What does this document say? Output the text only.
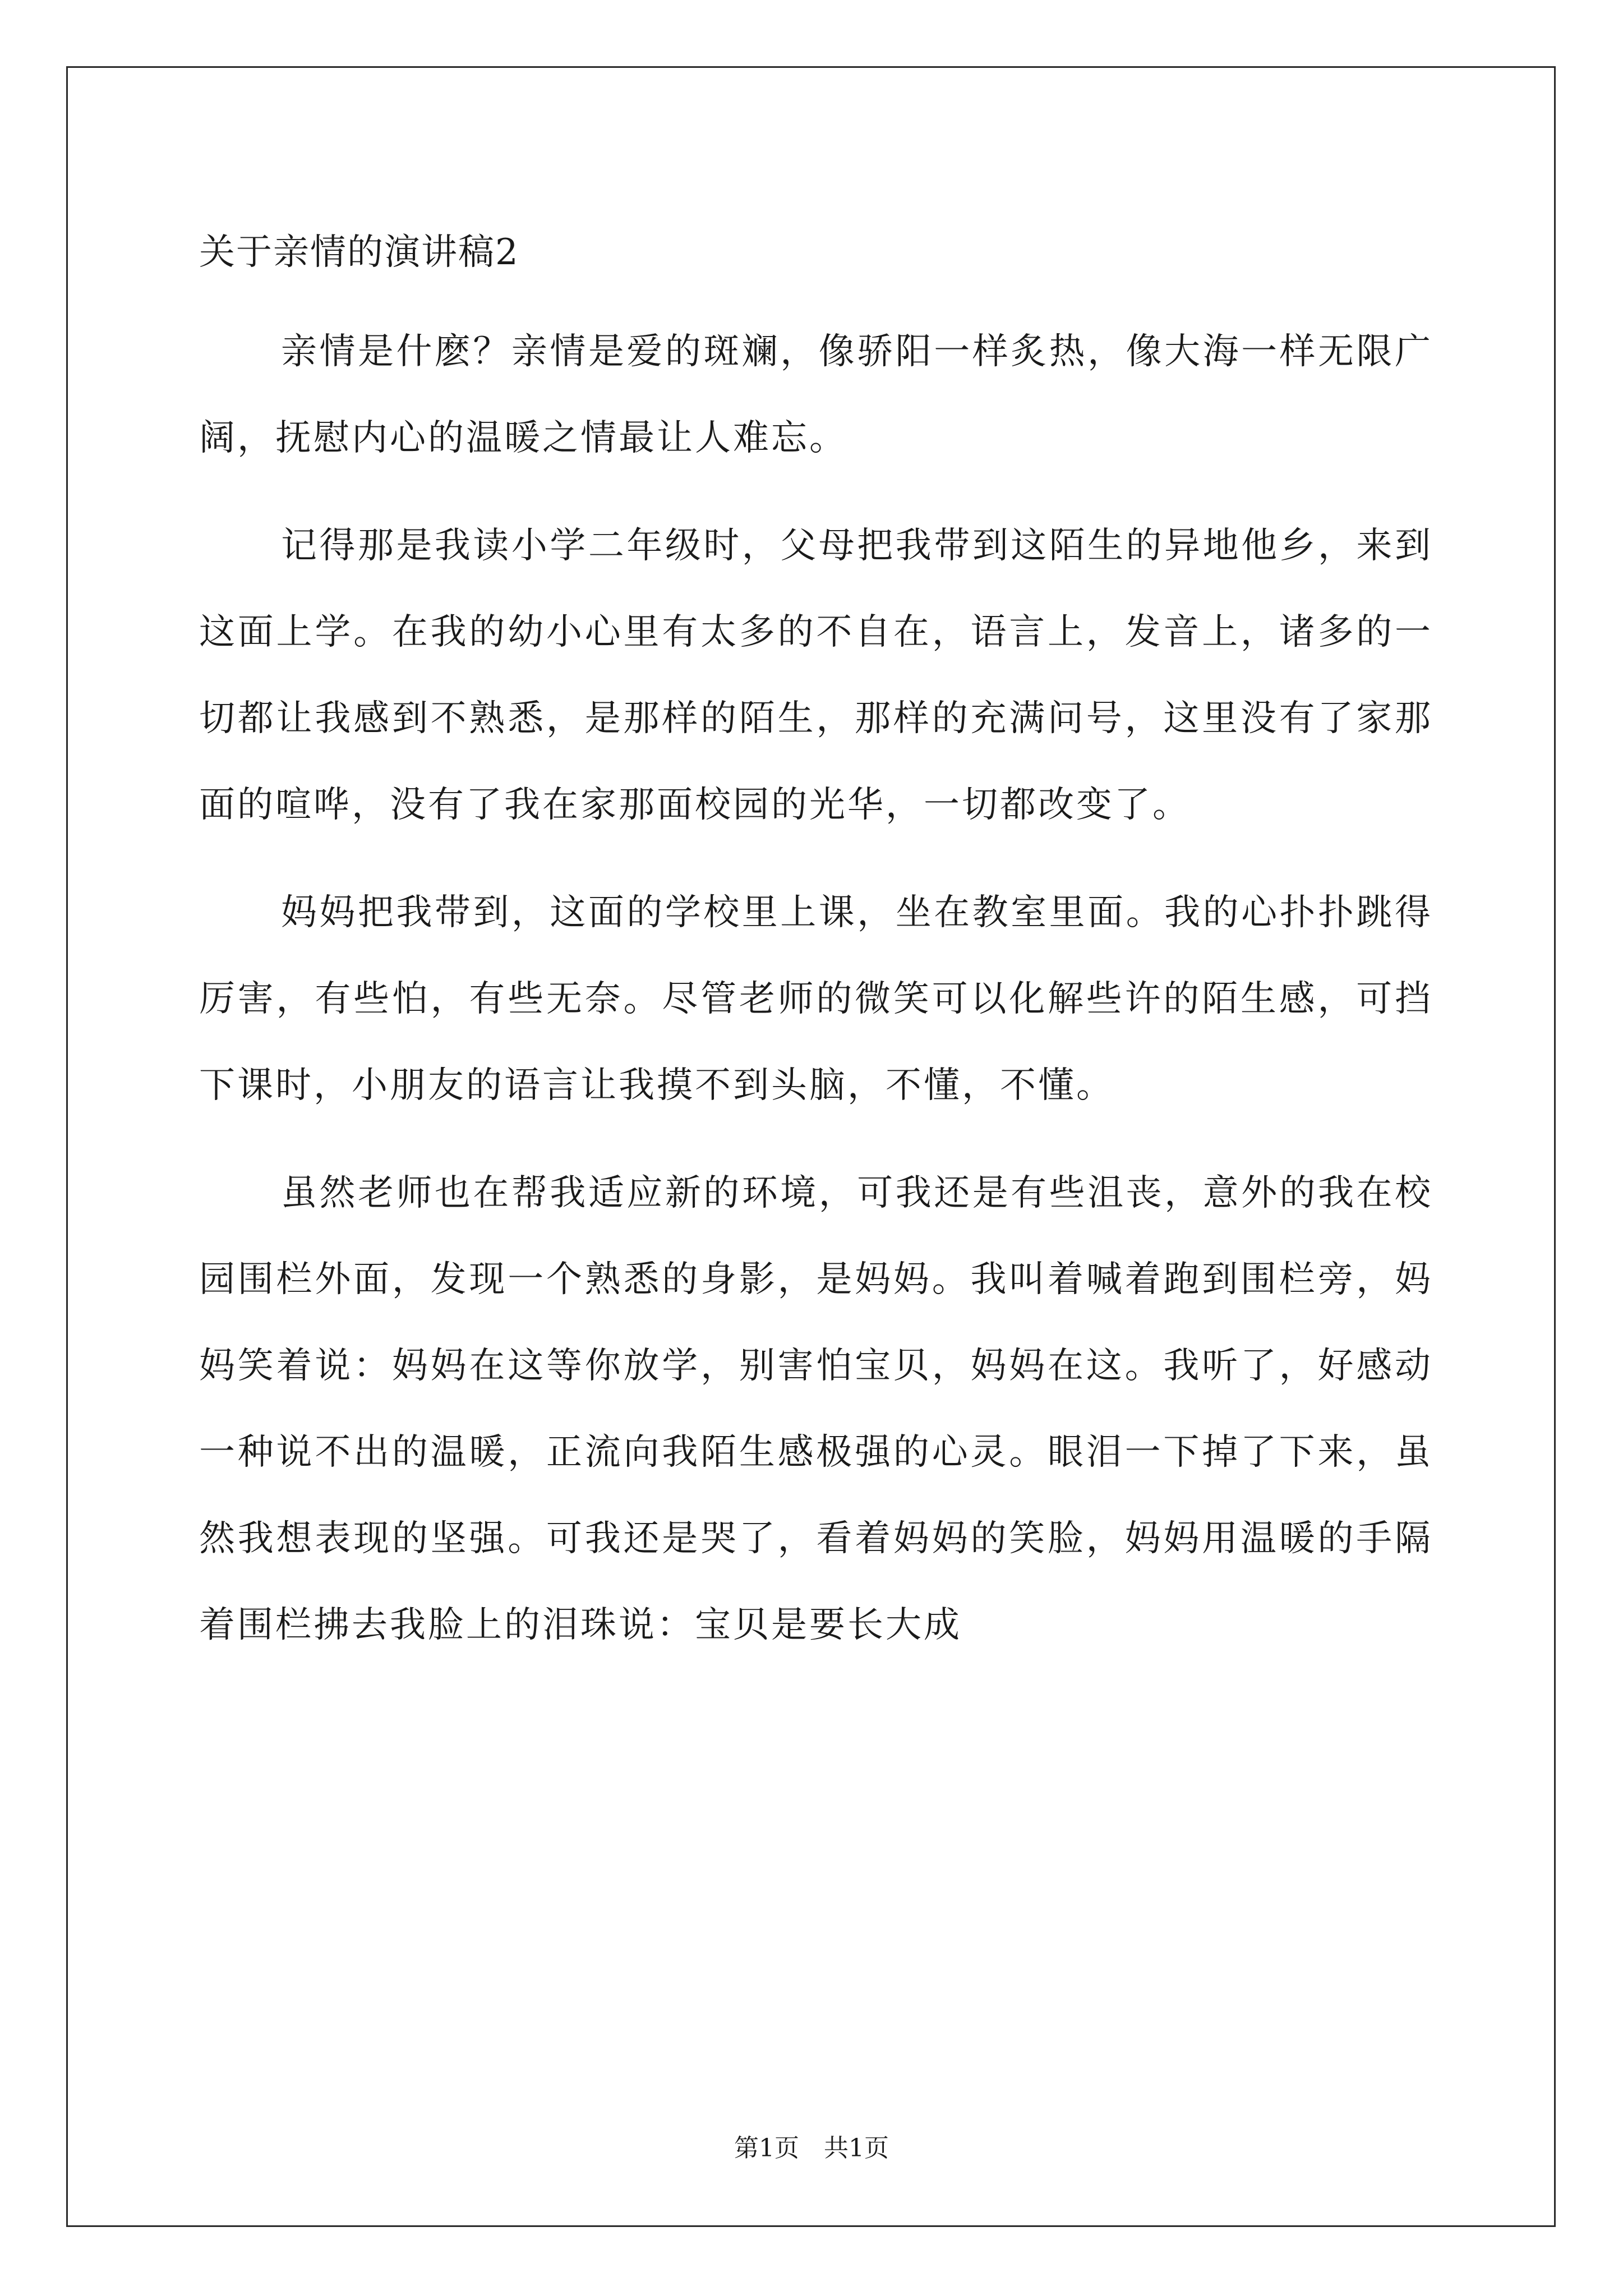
关于亲情的演讲稿2

亲情是什麽？亲情是爱的斑斓，像骄阳一样炙热，像大海一样无限广阔，抚慰内心的温暖之情最让人难忘。

记得那是我读小学二年级时，父母把我带到这陌生的异地他乡，来到这面上学。在我的幼小心里有太多的不自在，语言上，发音上，诸多的一切都让我感到不熟悉，是那样的陌生，那样的充满问号，这里没有了家那面的喧哗，没有了我在家那面校园的光华，一切都改变了。

妈妈把我带到，这面的学校里上课，坐在教室里面。我的心扑扑跳得厉害，有些怕，有些无奈。尽管老师的微笑可以化解些许的陌生感，可挡下课时，小朋友的语言让我摸不到头脑，不懂，不懂。

虽然老师也在帮我适应新的环境，可我还是有些沮丧，意外的我在校园围栏外面，发现一个熟悉的身影，是妈妈。我叫着喊着跑到围栏旁，妈妈笑着说：妈妈在这等你放学，别害怕宝贝，妈妈在这。我听了，好感动一种说不出的温暖，正流向我陌生感极强的心灵。眼泪一下掉了下来，虽然我想表现的坚强。可我还是哭了，看着妈妈的笑脸，妈妈用温暖的手隔着围栏拂去我脸上的泪珠说：宝贝是要长大成

第1页 共1页
